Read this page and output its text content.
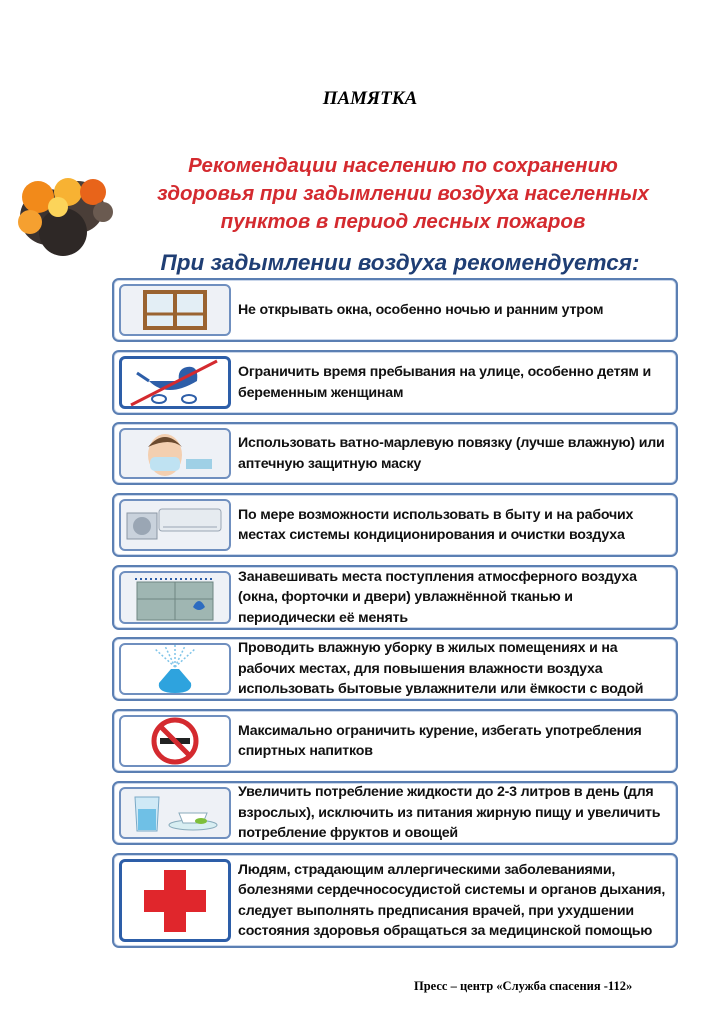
ПАМЯТКА
Рекомендации населению по сохранению
здоровья при задымлении воздуха населенных
пунктов в период лесных пожаров
При задымлении воздуха рекомендуется:
Не открывать окна, особенно ночью и ранним утром
Ограничить время пребывания на улице, особенно детям и беременным женщинам
Использовать ватно-марлевую повязку (лучше влажную) или аптечную защитную маску
По мере возможности использовать в быту и на рабочих местах системы кондиционирования и очистки воздуха
Занавешивать места поступления атмосферного воздуха (окна, форточки и двери) увлажнённой тканью и периодически её менять
Проводить влажную уборку в жилых помещениях и на рабочих местах, для повышения влажности воздуха использовать бытовые увлажнители или ёмкости с водой
Максимально ограничить курение, избегать употребления спиртных напитков
Увеличить потребление жидкости до 2-3 литров в день (для взрослых), исключить из питания жирную пищу и увеличить потребление фруктов и овощей
Людям, страдающим аллергическими заболеваниями, болезнями сердечнососудистой системы и органов дыхания, следует выполнять предписания врачей, при ухудшении состояния здоровья обращаться за медицинской помощью
Пресс – центр «Служба спасения -112»
